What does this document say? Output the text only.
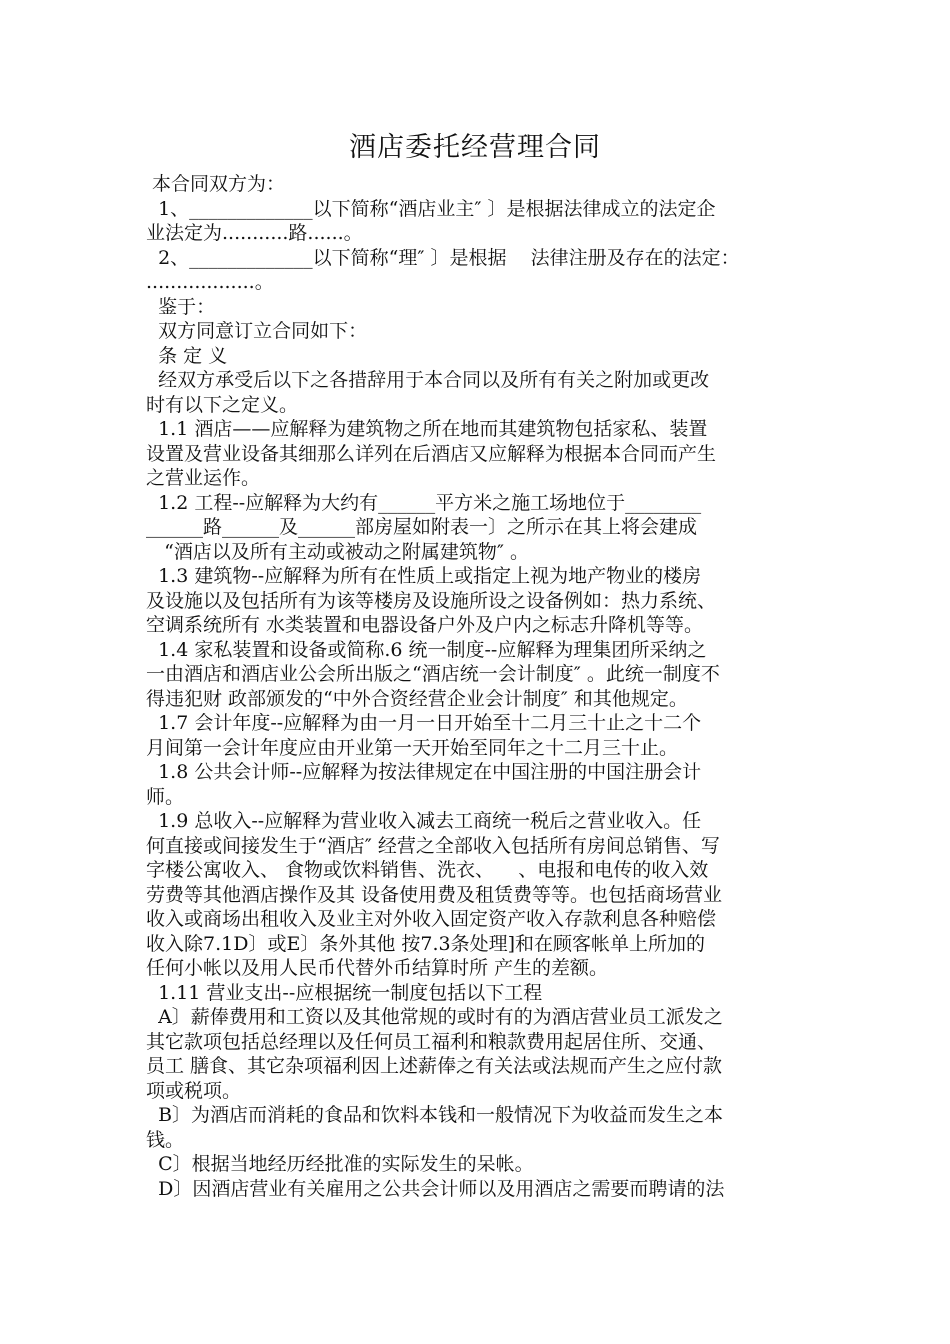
酒店委托经营理合同
本合同双方为：
1、_____________以下简称“酒店业主″ 〕是根据法律成立的法定企
业法定为...........路......。
2、_____________以下简称“理″ 〕是根据    法律注册及存在的法定：
..................。
鉴于：
双方同意订立合同如下：
条 定 义
经双方承受后以下之各措辞用于本合同以及所有有关之附加或更改
时有以下之定义。
1.1 酒店——应解释为建筑物之所在地而其建筑物包括家私、装置
设置及营业设备其细那么详列在后酒店又应解释为根据本合同而产生
之营业运作。
1.2 工程--应解释为大约有______平方米之施工场地位于________
______路______及______部房屋如附表一〕之所示在其上将会建成
“酒店以及所有主动或被动之附属建筑物″ 。
1.3 建筑物--应解释为所有在性质上或指定上视为地产物业的楼房
及设施以及包括所有为该等楼房及设施所设之设备例如：热力系统、
空调系统所有 水类装置和电器设备户外及户内之标志升降机等等。
1.4 家私装置和设备或简称.6 统一制度--应解释为理集团所采纳之
一由酒店和酒店业公会所出版之“酒店统一会计制度″ 。此统一制度不
得违犯财 政部颁发的“中外合资经营企业会计制度″ 和其他规定。
1.7 会计年度--应解释为由一月一日开始至十二月三十止之十二个
月间第一会计年度应由开业第一天开始至同年之十二月三十止。
1.8 公共会计师--应解释为按法律规定在中国注册的中国注册会计
师。
1.9 总收入--应解释为营业收入减去工商统一税后之营业收入。任
何直接或间接发生于“酒店″ 经营之全部收入包括所有房间总销售、写
字楼公寓收入、 食物或饮料销售、洗衣、    、电报和电传的收入效
劳费等其他酒店操作及其 设备使用费及租赁费等等。也包括商场营业
收入或商场出租收入及业主对外收入固定资产收入存款利息各种赔偿
收入除7.1D〕或E〕条外其他 按7.3条处理]和在顾客帐单上所加的
任何小帐以及用人民币代替外币结算时所 产生的差额。
1.11 营业支出--应根据统一制度包括以下工程
A〕薪俸费用和工资以及其他常规的或时有的为酒店营业员工派发之
其它款项包括总经理以及任何员工福利和粮款费用起居住所、交通、
员工 膳食、其它杂项福利因上述薪俸之有关法或法规而产生之应付款
项或税项。
B〕为酒店而消耗的食品和饮料本钱和一般情况下为收益而发生之本
钱。
C〕根据当地经历经批准的实际发生的呆帐。
D〕因酒店营业有关雇用之公共会计师以及用酒店之需要而聘请的法
